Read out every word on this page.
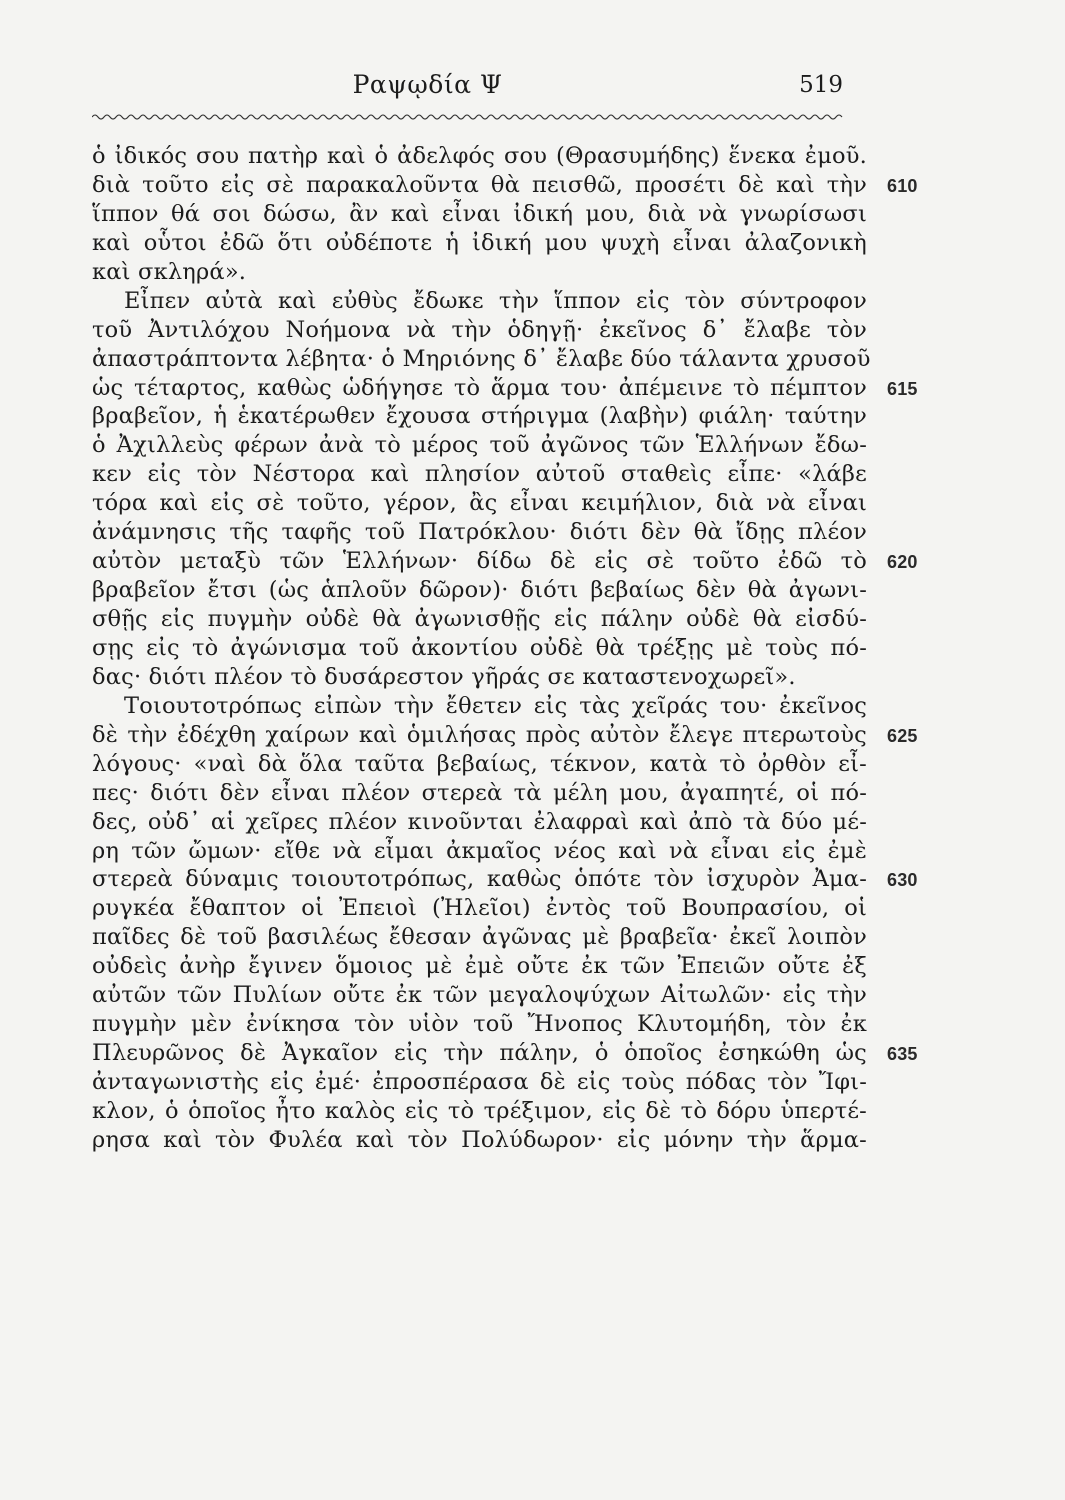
Ραψῳδία Ψ	519
ὁ ἰδικός σου πατὴρ καὶ ὁ ἀδελφός σου (Θρασυμήδης) ἕνεκα ἐμοῦ.
διὰ τοῦτο εἰς σὲ παρακαλοῦντα θὰ πεισθῶ, προσέτι δὲ καὶ τὴν 610
ἵππον θά σοι δώσω, ἂν καὶ εἶναι ἰδική μου, διὰ νὰ γνωρίσωσι
καὶ οὗτοι ἐδῶ ὅτι οὐδέποτε ἡ ἰδική μου ψυχὴ εἶναι ἀλαζονικὴ
καὶ σκληρά».
Εἶπεν αὐτὰ καὶ εὐθὺς ἔδωκε τὴν ἵππον εἰς τὸν σύντροφον
τοῦ Ἀντιλόχου Νοήμονα νὰ τὴν ὁδηγῇ· ἐκεῖνος δ᾽ ἔλαβε τὸν
ἀπαστράπτοντα λέβητα· ὁ Μηριόνης δ᾽ ἔλαβε δύο τάλαντα χρυσοῦ
ὡς τέταρτος, καθὼς ὡδήγησε τὸ ἅρμα του· ἀπέμεινε τὸ πέμπτον 615
βραβεῖον, ἡ ἑκατέρωθεν ἔχουσα στήριγμα (λαβὴν) φιάλη· ταύτην
ὁ Ἀχιλλεὺς φέρων ἀνὰ τὸ μέρος τοῦ ἀγῶνος τῶν Ἑλλήνων ἔδω-
κεν εἰς τὸν Νέστορα καὶ πλησίον αὐτοῦ σταθεὶς εἶπε· «λάβε
τόρα καὶ εἰς σὲ τοῦτο, γέρον, ἂς εἶναι κειμήλιον, διὰ νὰ εἶναι
ἀνάμνησις τῆς ταφῆς τοῦ Πατρόκλου· διότι δὲν θὰ ἴδῃς πλέον
αὐτὸν μεταξὺ τῶν Ἑλλήνων· δίδω δὲ εἰς σὲ τοῦτο ἐδῶ τὸ 620
βραβεῖον ἔτσι (ὡς ἁπλοῦν δῶρον)· διότι βεβαίως δὲν θὰ ἀγωνι-
σθῇς εἰς πυγμὴν οὐδὲ θὰ ἀγωνισθῇς εἰς πάλην οὐδὲ θὰ εἰσδύ-
σῃς εἰς τὸ ἀγώνισμα τοῦ ἀκοντίου οὐδὲ θὰ τρέξῃς μὲ τοὺς πό-
δας· διότι πλέον τὸ δυσάρεστον γῆράς σε καταστενοχωρεῖ».
Τοιουτοτρόπως εἰπὼν τὴν ἔθετεν εἰς τὰς χεῖράς του· ἐκεῖνος
δὲ τὴν ἐδέχθη χαίρων καὶ ὁμιλήσας πρὸς αὐτὸν ἔλεγε πτερωτοὺς 625
λόγους· «ναὶ δὰ ὅλα ταῦτα βεβαίως, τέκνον, κατὰ τὸ ὀρθὸν εἶ-
πες· διότι δὲν εἶναι πλέον στερεὰ τὰ μέλη μου, ἀγαπητέ, οἱ πό-
δες, οὐδ᾽ αἱ χεῖρες πλέον κινοῦνται ἐλαφραὶ καὶ ἀπὸ τὰ δύο μέ-
ρη τῶν ὤμων· εἴθε νὰ εἶμαι ἀκμαῖος νέος καὶ νὰ εἶναι εἰς ἐμὲ
στερεὰ δύναμις τοιουτοτρόπως, καθὼς ὁπότε τὸν ἰσχυρὸν Ἀμα- 630
ρυγκέα ἔθαπτον οἱ Ἐπειοὶ (Ἠλεῖοι) ἐντὸς τοῦ Βουπρασίου, οἱ
παῖδες δὲ τοῦ βασιλέως ἔθεσαν ἀγῶνας μὲ βραβεῖα· ἐκεῖ λοιπὸν
οὐδεὶς ἀνὴρ ἔγινεν ὅμοιος μὲ ἐμὲ οὔτε ἐκ τῶν Ἐπειῶν οὔτε ἐξ
αὐτῶν τῶν Πυλίων οὔτε ἐκ τῶν μεγαλοψύχων Αἰτωλῶν· εἰς τὴν
πυγμὴν μὲν ἐνίκησα τὸν υἱὸν τοῦ Ἤνοπος Κλυτομήδη, τὸν ἐκ
Πλευρῶνος δὲ Ἀγκαῖον εἰς τὴν πάλην, ὁ ὁποῖος ἐσηκώθη ὡς 635
ἀνταγωνιστὴς εἰς ἐμέ· ἐπροσπέρασα δὲ εἰς τοὺς πόδας τὸν Ἴφι-
κλον, ὁ ὁποῖος ἦτο καλὸς εἰς τὸ τρέξιμον, εἰς δὲ τὸ δόρυ ὑπερτέ-
ρησα καὶ τὸν Φυλέα καὶ τὸν Πολύδωρον· εἰς μόνην τὴν ἅρμα-
